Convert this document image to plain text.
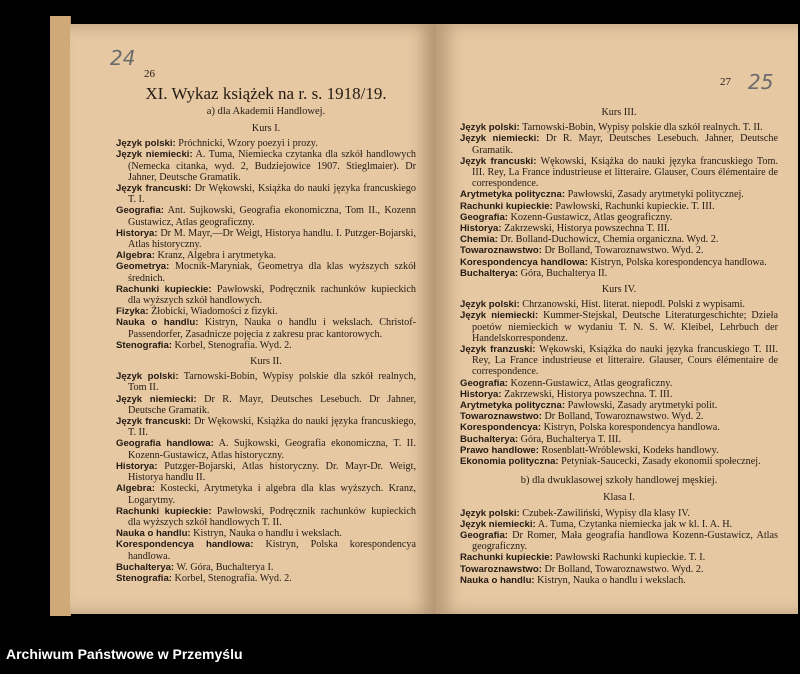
24
26
XI. Wykaz książek na r. s. 1918/19.
a) dla Akademii Handlowej.
Kurs I.
Język polski: Próchnicki, Wzory poezyi i prozy.
Język niemiecki: A. Tuma, Niemiecka czytanka dla szkół handlowych (Nemecka citanka, wyd. 2, Budziejowice 1907. Stieglmaier). Dr Jahner, Deutsche Gramatik.
Język francuski: Dr Wękowski, Książka do nauki języka francuskiego T. I.
Geografia: Ant. Sujkowski, Geografia ekonomiczna, Tom II., Kozenn Gustawicz, Atlas geograficzny.
Historya: Dr M. Mayr,—Dr Weigt, Historya handlu. I. Putzger-Bojarski, Atlas historyczny.
Algebra: Kranz, Algebra i arytmetyka.
Geometrya: Mocnik-Maryniak, Geometrya dla klas wyższych szkół średnich.
Rachunki kupieckie: Pawłowski, Podręcznik rachunków kupieckich dla wyższych szkół handlowych.
Fizyka: Żłobicki, Wiadomości z fizyki.
Nauka o handlu: Kistryn, Nauka o handlu i wekslach. Christof-Passendorfer, Zasadnicze pojęcia z zakresu prac kantorowych.
Stenografia: Korbel, Stenografia. Wyd. 2.
Kurs II.
Język polski: Tarnowski-Bobin, Wypisy polskie dla szkół realnych, Tom II.
Język niemiecki: Dr R. Mayr, Deutsches Lesebuch. Dr Jahner, Deutsche Gramatik.
Język francuski: Dr Wękowski, Książka do nauki języka francuskiego, T. II.
Geografia handlowa: A. Sujkowski, Geografia ekonomiczna, T. II. Kozenn-Gustawicz, Atlas historyczny.
Historya: Putzger-Bojarski, Atlas historyczny. Dr. Mayr-Dr. Weigt, Historya handlu II.
Algebra: Kostecki, Arytmetyka i algebra dla klas wyższych. Kranz, Logarytmy.
Rachunki kupieckie: Pawłowski, Podręcznik rachunków kupieckich dla wyższych szkół handlowych T. II.
Nauka o handlu: Kistryn, Nauka o handlu i wekslach.
Korespondencya handlowa: Kistryn, Polska korespondencya handlowa.
Buchalterya: W. Góra, Buchalterya I.
Stenografia: Korbel, Stenografia. Wyd. 2.
27 25
Kurs III.
Język polski: Tarnowski-Bobin, Wypisy polskie dla szkół realnych. T. II.
Język niemiecki: Dr R. Mayr, Deutsches Lesebuch. Jahner, Deutsche Gramatik.
Język francuski: Wękowski, Książka do nauki języka francuskiego Tom. III. Rey, La France industrieuse et litteraire. Glauser, Cours élémentaire de correspondence.
Arytmetyka polityczna: Pawłowski, Zasady arytmetyki politycznej.
Rachunki kupieckie: Pawłowski, Rachunki kupieckie. T. III.
Geografia: Kozenn-Gustawicz, Atlas geograficzny.
Historya: Zakrzewski, Historya powszechna T. III.
Chemia: Dr. Bolland-Duchowicz, Chemia organiczna. Wyd. 2.
Towaroznawstwo: Dr Bolland, Towaroznawstwo. Wyd. 2.
Korespondencya handlowa: Kistryn, Polska korespondencya handlowa.
Buchalterya: Góra, Buchalterya II.
Kurs IV.
Język polski: Chrzanowski, Hist. literat. niepodl. Polski z wypisami.
Język niemiecki: Kummer-Stejskal, Deutsche Literaturgeschichte; Dzieła poetów niemieckich w wydaniu T. N. S. W. Kleibel, Lehrbuch der Handelskorrespondenz.
Język franzuski: Wękowski, Książka do nauki języka francuskiego T. III. Rey, La France industrieuse et litteraire. Glauser, Cours élémentaire de correspondence.
Geografia: Kozenn-Gustawicz, Atlas geograficzny.
Historya: Zakrzewski, Historya powszechna. T. III.
Arytmetyka polityczna: Pawłowski, Zasady arytmetyki polit.
Towaroznawstwo: Dr Bolland, Towaroznawstwo. Wyd. 2.
Korespondencya: Kistryn, Polska korespondencya handlowa.
Buchalterya: Góra, Buchalterya T. III.
Prawo handlowe: Rosenblatt-Wróblewski, Kodeks handlowy.
Ekonomia polityczna: Petyniak-Saucecki, Zasady ekonomii społecznej.
b) dla dwuklasowej szkoły handlowej męskiej.
Klasa I.
Język polski: Czubek-Zawiliński, Wypisy dla klasy IV.
Język niemiecki: A. Tuma, Czytanka niemiecka jak w kl. I. A. H.
Geografia: Dr Romer, Mała geografia handlowa Kozenn-Gustawicz, Atlas geograficzny.
Rachunki kupieckie: Pawłowski Rachunki kupieckie. T. I.
Towaroznawstwo: Dr Bolland, Towaroznawstwo. Wyd. 2.
Nauka o handlu: Kistryn, Nauka o handlu i wekslach.
Archiwum Państwowe w Przemyślu
